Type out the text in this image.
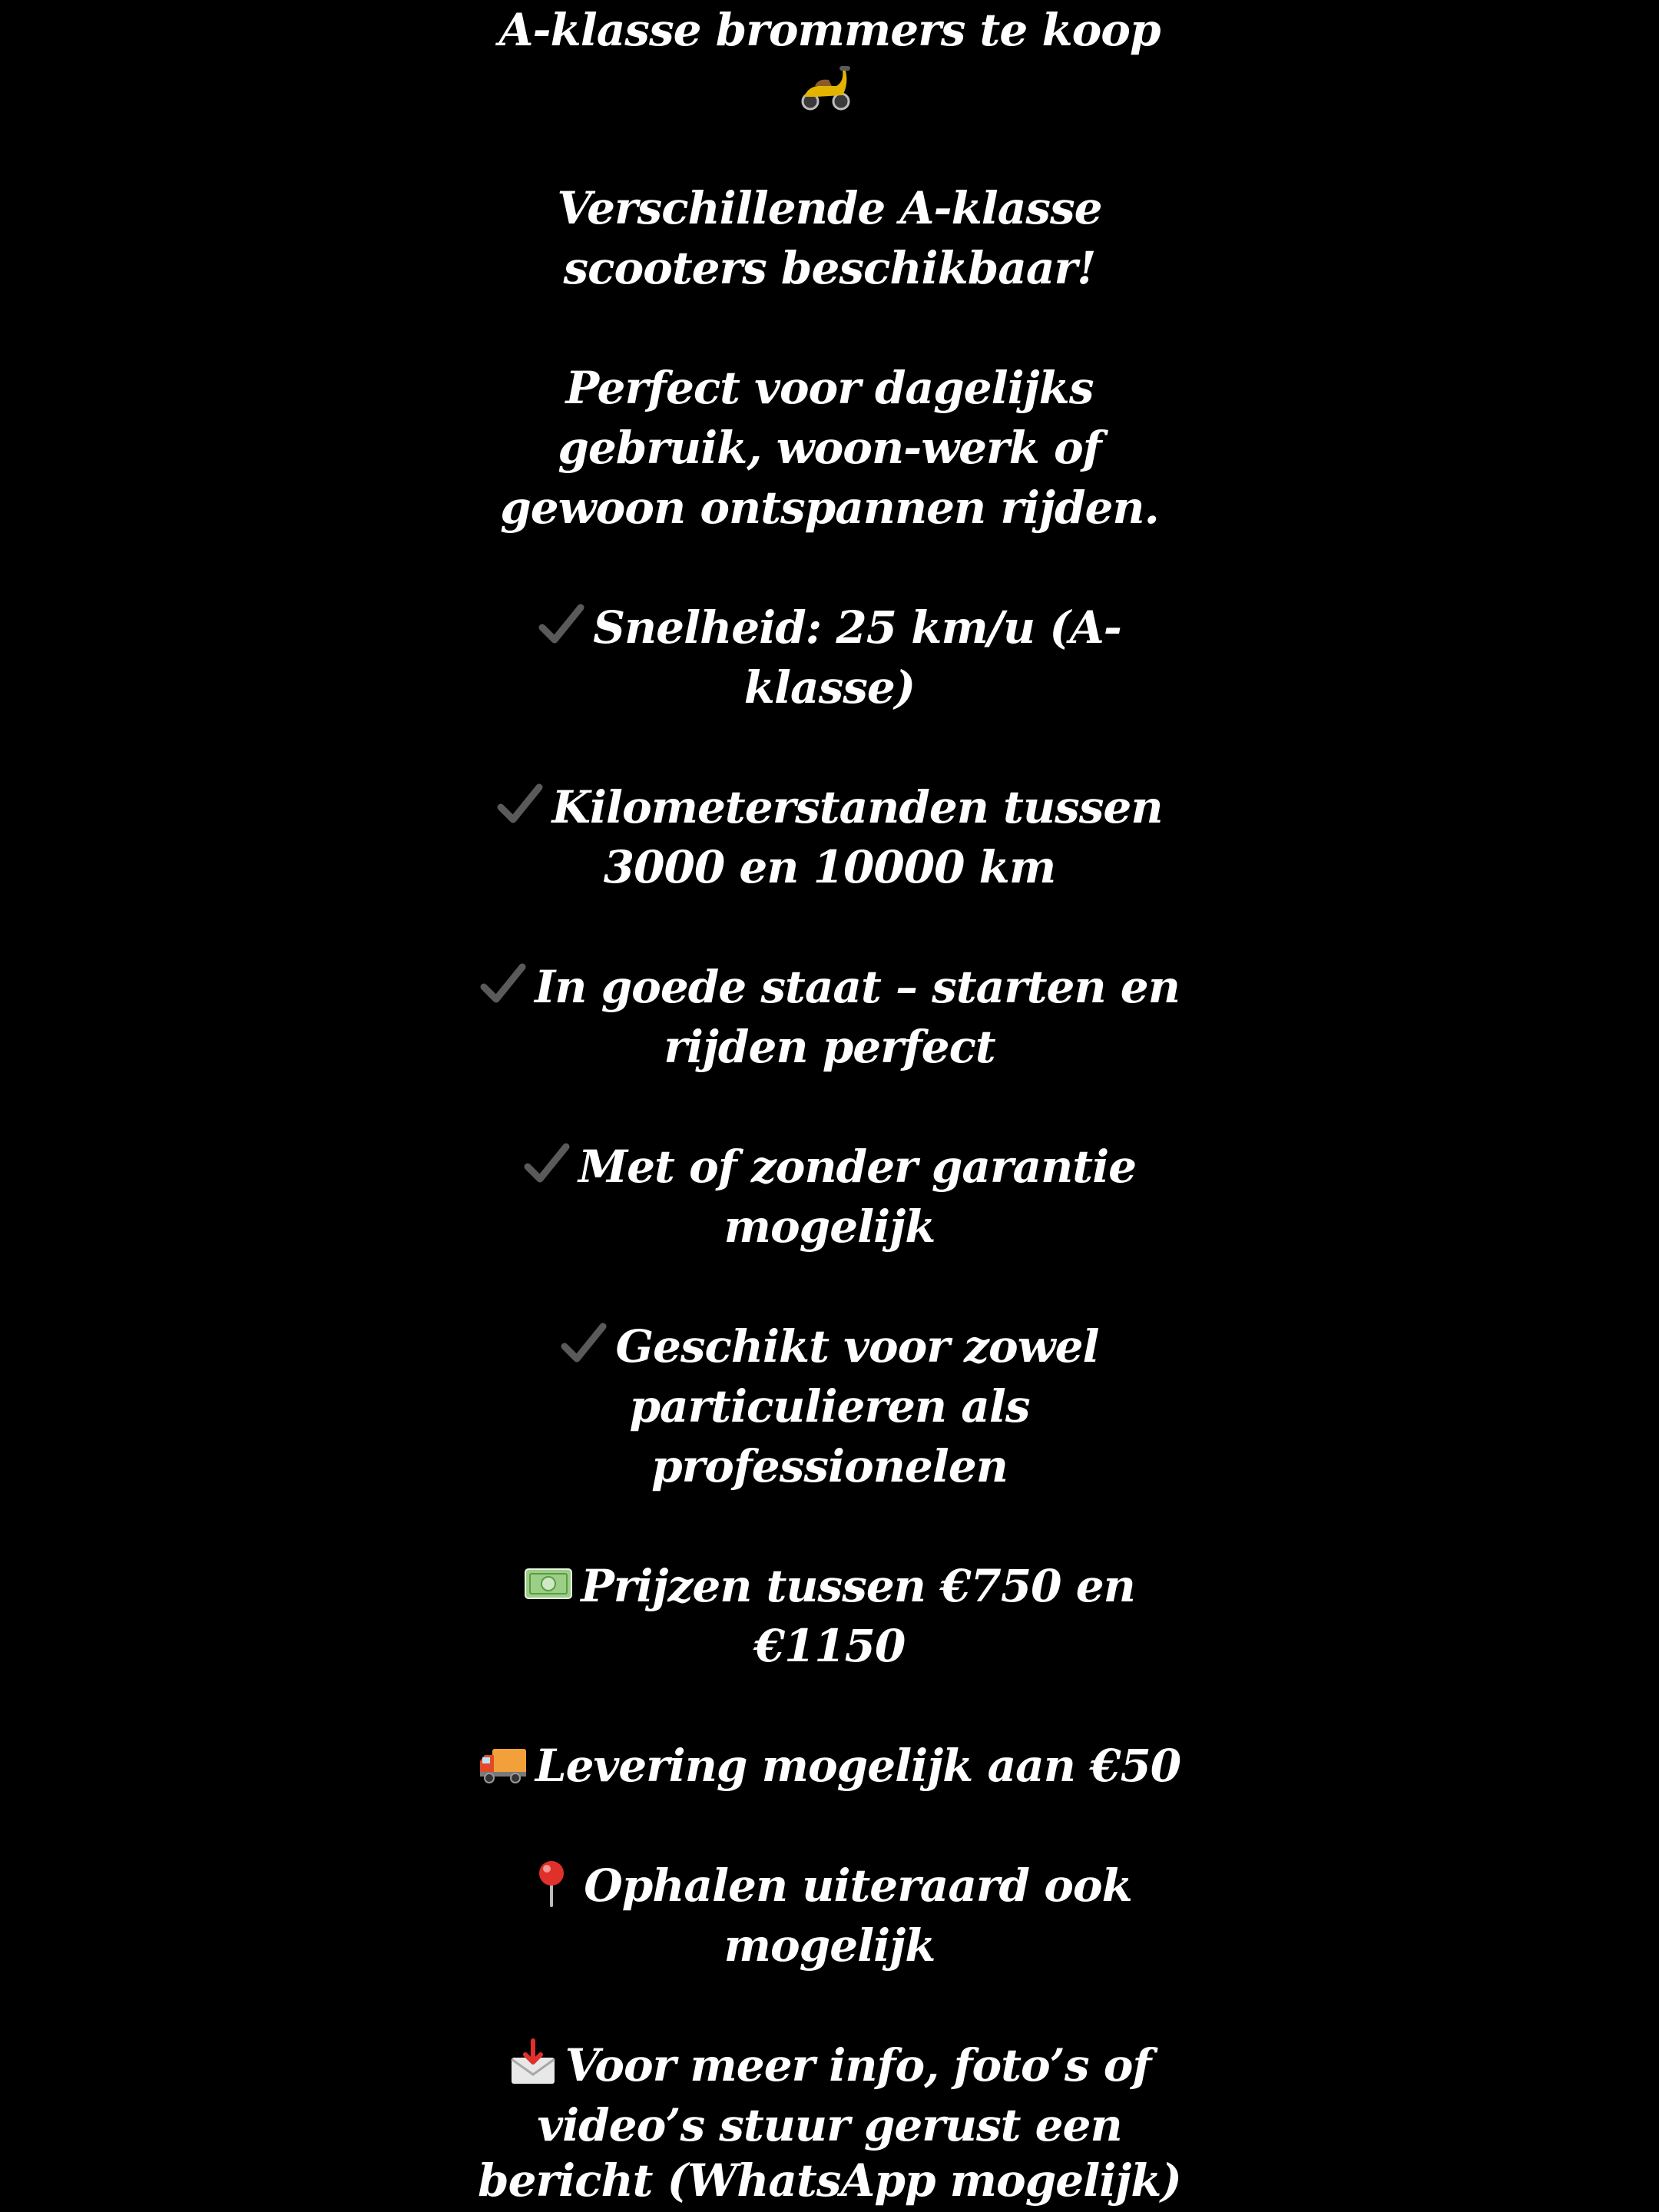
A-klasse brommers te koop
Verschillende A-klasse
scooters beschikbaar!
Perfect voor dagelijks
gebruik, woon-werk of
gewoon ontspannen rijden.
Snelheid: 25 km/u (A-
klasse)
Kilometerstanden tussen
3000 en 10000 km
In goede staat – starten en
rijden perfect
Met of zonder garantie
mogelijk
Geschikt voor zowel
particulieren als
professionelen
Prijzen tussen €750 en
€1150
Levering mogelijk aan €50
Ophalen uiteraard ook
mogelijk
Voor meer info, foto’s of
video’s stuur gerust een
bericht (WhatsApp mogelijk)
